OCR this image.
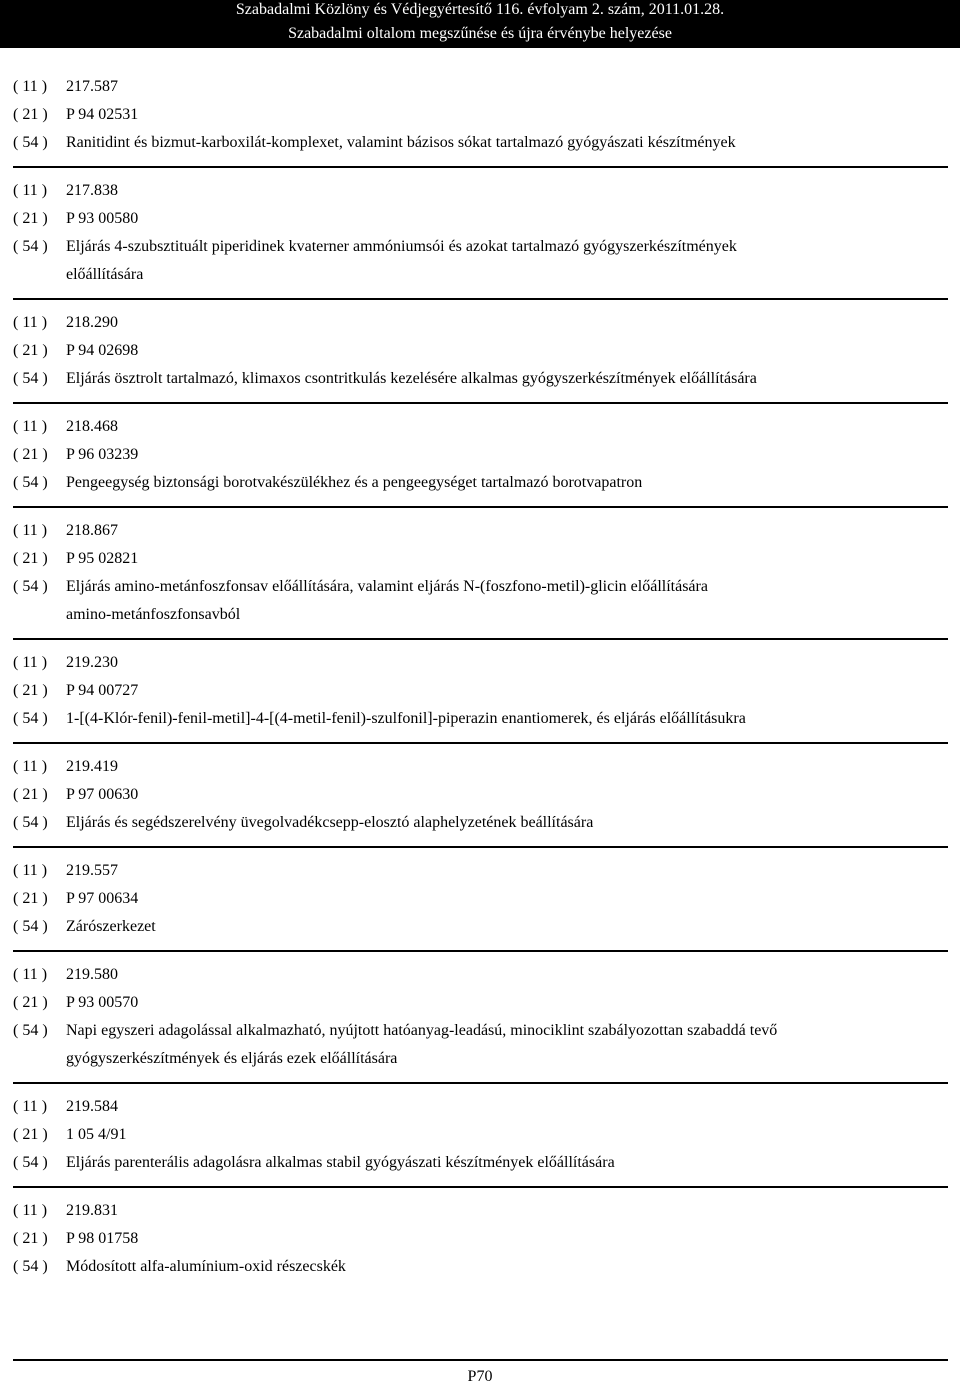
Szabadalmi Közlöny és Védjegyértesítő 116. évfolyam 2. szám, 2011.01.28.
Szabadalmi oltalom megszűnése és újra érvénybe helyezése
( 11 )	217.587
( 21 )	P 94 02531
( 54 )	Ranitidint és bizmut-karboxilát-komplexet, valamint bázisos sókat tartalmazó gyógyászati készítmények
( 11 )	217.838
( 21 )	P 93 00580
( 54 )	Eljárás 4-szubsztituált piperidinek kvaterner ammóniumsói és azokat tartalmazó gyógyszerkészítmények
előállítására
( 11 )	218.290
( 21 )	P 94 02698
( 54 )	Eljárás ösztrolt tartalmazó, klimaxos csontritkulás kezelésére alkalmas gyógyszerkészítmények előállítására
( 11 )	218.468
( 21 )	P 96 03239
( 54 )	Pengeegység biztonsági borotvakészülékhez és a pengeegységet tartalmazó borotvapatron
( 11 )	218.867
( 21 )	P 95 02821
( 54 )	Eljárás amino-metánfoszfonsav előállítására, valamint eljárás N-(foszfono-metil)-glicin előállítására
amino-metánfoszfonsavból
( 11 )	219.230
( 21 )	P 94 00727
( 54 )	1-[(4-Klór-fenil)-fenil-metil]-4-[(4-metil-fenil)-szulfonil]-piperazin enantiomerek, és eljárás előállításukra
( 11 )	219.419
( 21 )	P 97 00630
( 54 )	Eljárás és segédszerelvény üvegolvadékcsepp-elosztó alaphelyzetének beállítására
( 11 )	219.557
( 21 )	P 97 00634
( 54 )	Zárószerkezet
( 11 )	219.580
( 21 )	P 93 00570
( 54 )	Napi egyszeri adagolással alkalmazható, nyújtott hatóanyag-leadású, minociklint szabályozottan szabaddá tevő
gyógyszerkészítmények és eljárás ezek előállítására
( 11 )	219.584
( 21 )	1 05 4/91
( 54 )	Eljárás parenterális adagolásra alkalmas stabil gyógyászati készítmények előállítására
( 11 )	219.831
( 21 )	P 98 01758
( 54 )	Módosított alfa-alumínium-oxid részecskék
P70
